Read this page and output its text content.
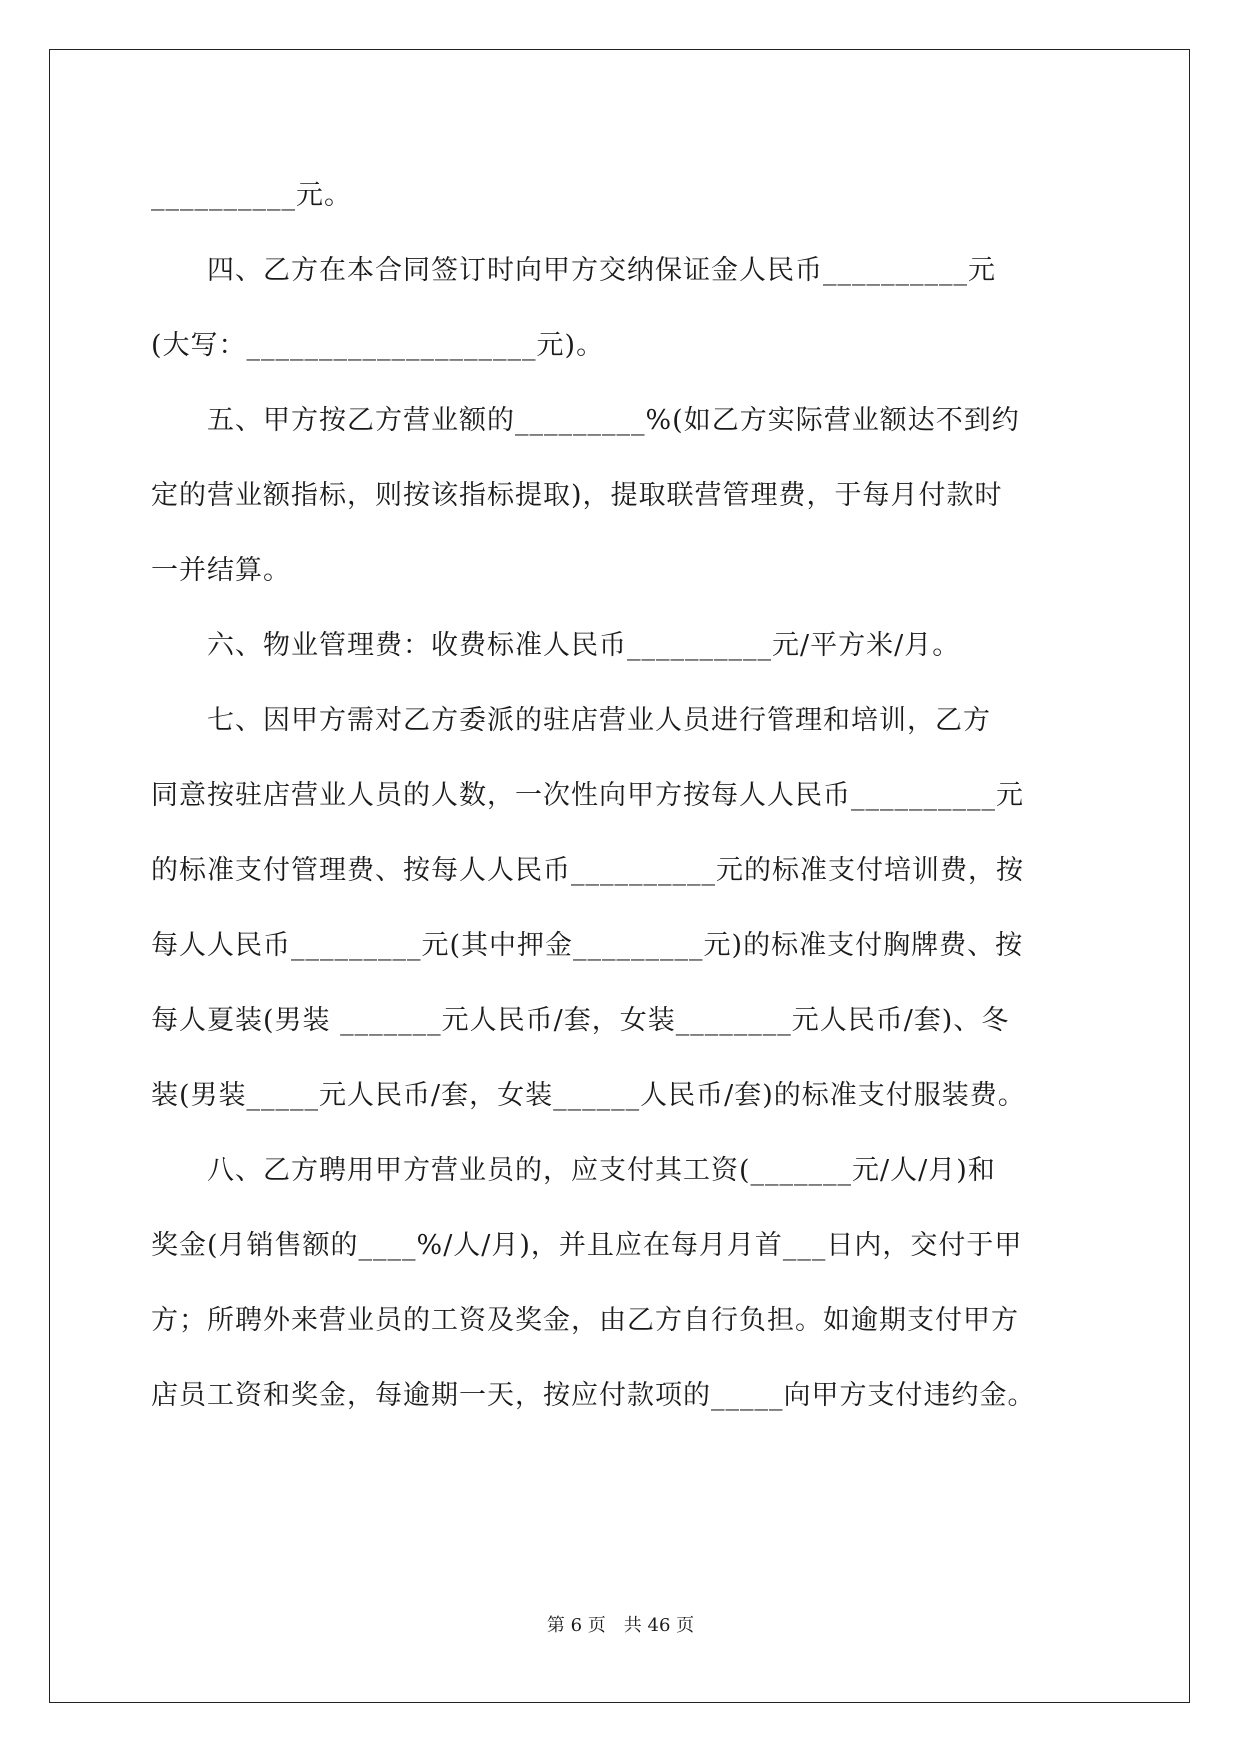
__________元。
　　四、乙方在本合同签订时向甲方交纳保证金人民币__________元
(大写：____________________元)。
　　五、甲方按乙方营业额的_________%(如乙方实际营业额达不到约
定的营业额指标，则按该指标提取)，提取联营管理费，于每月付款时
一并结算。
　　六、物业管理费：收费标准人民币__________元/平方米/月。
　　七、因甲方需对乙方委派的驻店营业人员进行管理和培训，乙方
同意按驻店营业人员的人数，一次性向甲方按每人人民币__________元
的标准支付管理费、按每人人民币__________元的标准支付培训费，按
每人人民币_________元(其中押金_________元)的标准支付胸牌费、按
每人夏装(男装 _______元人民币/套，女装________元人民币/套)、冬
装(男装_____元人民币/套，女装______人民币/套)的标准支付服装费。
　　八、乙方聘用甲方营业员的，应支付其工资(_______元/人/月)和
奖金(月销售额的____%/人/月)，并且应在每月月首___日内，交付于甲
方；所聘外来营业员的工资及奖金，由乙方自行负担。如逾期支付甲方
店员工资和奖金，每逾期一天，按应付款项的_____向甲方支付违约金。
第 6 页　共 46 页
